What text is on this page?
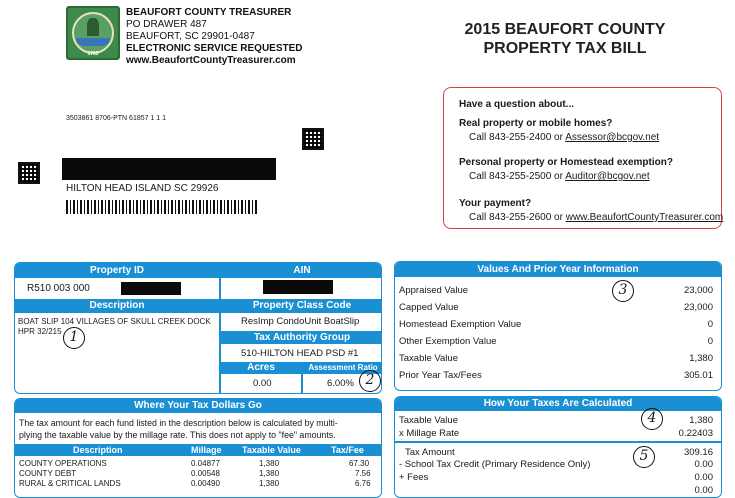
1769
BEAUFORT COUNTY TREASURER
PO DRAWER 487
BEAUFORT, SC 29901-0487
ELECTRONIC SERVICE REQUESTED
www.BeaufortCountyTreasurer.com
2015 BEAUFORT COUNTY
PROPERTY TAX BILL
3503861 8706-PTN 61857 1 1 1
HILTON HEAD ISLAND SC 29926
Have a question about...
Real property or mobile homes?
Call 843-255-2400 or Assessor@bcgov.net
Personal property or Homestead exemption?
Call 843-255-2500 or Auditor@bcgov.net
Your payment?
Call 843-255-2600 or www.BeaufortCountyTreasurer.com
Property ID	AIN
R510 003 000
Description	Property Class Code
BOAT SLIP 104 VILLAGES OF SKULL CREEK DOCK
HPR 32/215
ResImp CondoUnit BoatSlip
Tax Authority Group
510-HILTON HEAD PSD #1
Acres	Assessment Ratio
0.00	6.00%
1
2
Values And Prior Year Information
Appraised Value	23,000
Capped Value	23,000
Homestead Exemption Value	0
Other Exemption Value	0
Taxable Value	1,380
Prior Year Tax/Fees	305.01
3
Where Your Tax Dollars Go
The tax amount for each fund listed in the description below is calculated by multi-
plying the taxable value by the millage rate. This does not apply to "fee" amounts.
Description	Millage Taxable Value	Tax/Fee
COUNTY OPERATIONS	0.04877	1,380	67.30
COUNTY DEBT	0.00548	1,380	7.56
RURAL & CRITICAL LANDS	0.00490	1,380	6.76
How Your Taxes Are Calculated
Taxable Value	1,380
x Millage Rate	0.22403
Tax Amount	309.16
- School Tax Credit (Primary Residence Only)	0.00
+ Fees	0.00
0.00
4
5
